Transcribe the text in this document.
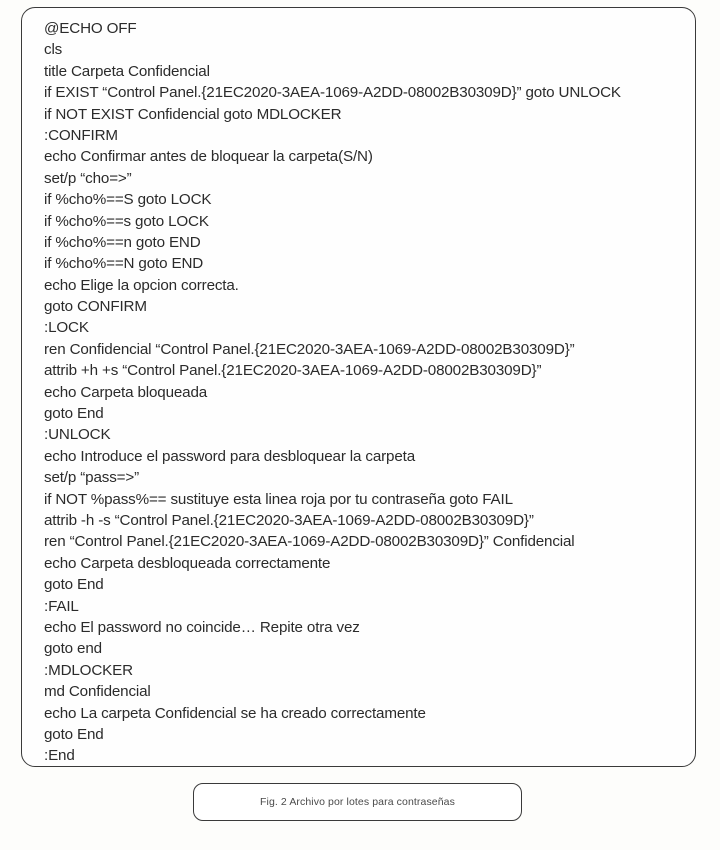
@ECHO OFF
cls
title Carpeta Confidencial
if EXIST “Control Panel.{21EC2020-3AEA-1069-A2DD-08002B30309D}” goto UNLOCK
if NOT EXIST Confidencial goto MDLOCKER
:CONFIRM
echo Confirmar antes de bloquear la carpeta(S/N)
set/p “cho=>”
if %cho%==S goto LOCK
if %cho%==s goto LOCK
if %cho%==n goto END
if %cho%==N goto END
echo Elige la opcion correcta.
goto CONFIRM
:LOCK
ren Confidencial “Control Panel.{21EC2020-3AEA-1069-A2DD-08002B30309D}”
attrib +h +s “Control Panel.{21EC2020-3AEA-1069-A2DD-08002B30309D}”
echo Carpeta bloqueada
goto End
:UNLOCK
echo Introduce el password para desbloquear la carpeta
set/p “pass=>”
if NOT %pass%== sustituye esta linea roja por tu contraseña goto FAIL
attrib -h -s “Control Panel.{21EC2020-3AEA-1069-A2DD-08002B30309D}”
ren “Control Panel.{21EC2020-3AEA-1069-A2DD-08002B30309D}” Confidencial
echo Carpeta desbloqueada correctamente
goto End
:FAIL
echo El password no coincide… Repite otra vez
goto end
:MDLOCKER
md Confidencial
echo La carpeta Confidencial se ha creado correctamente
goto End
:End
Fig. 2 Archivo por lotes para contraseñas
